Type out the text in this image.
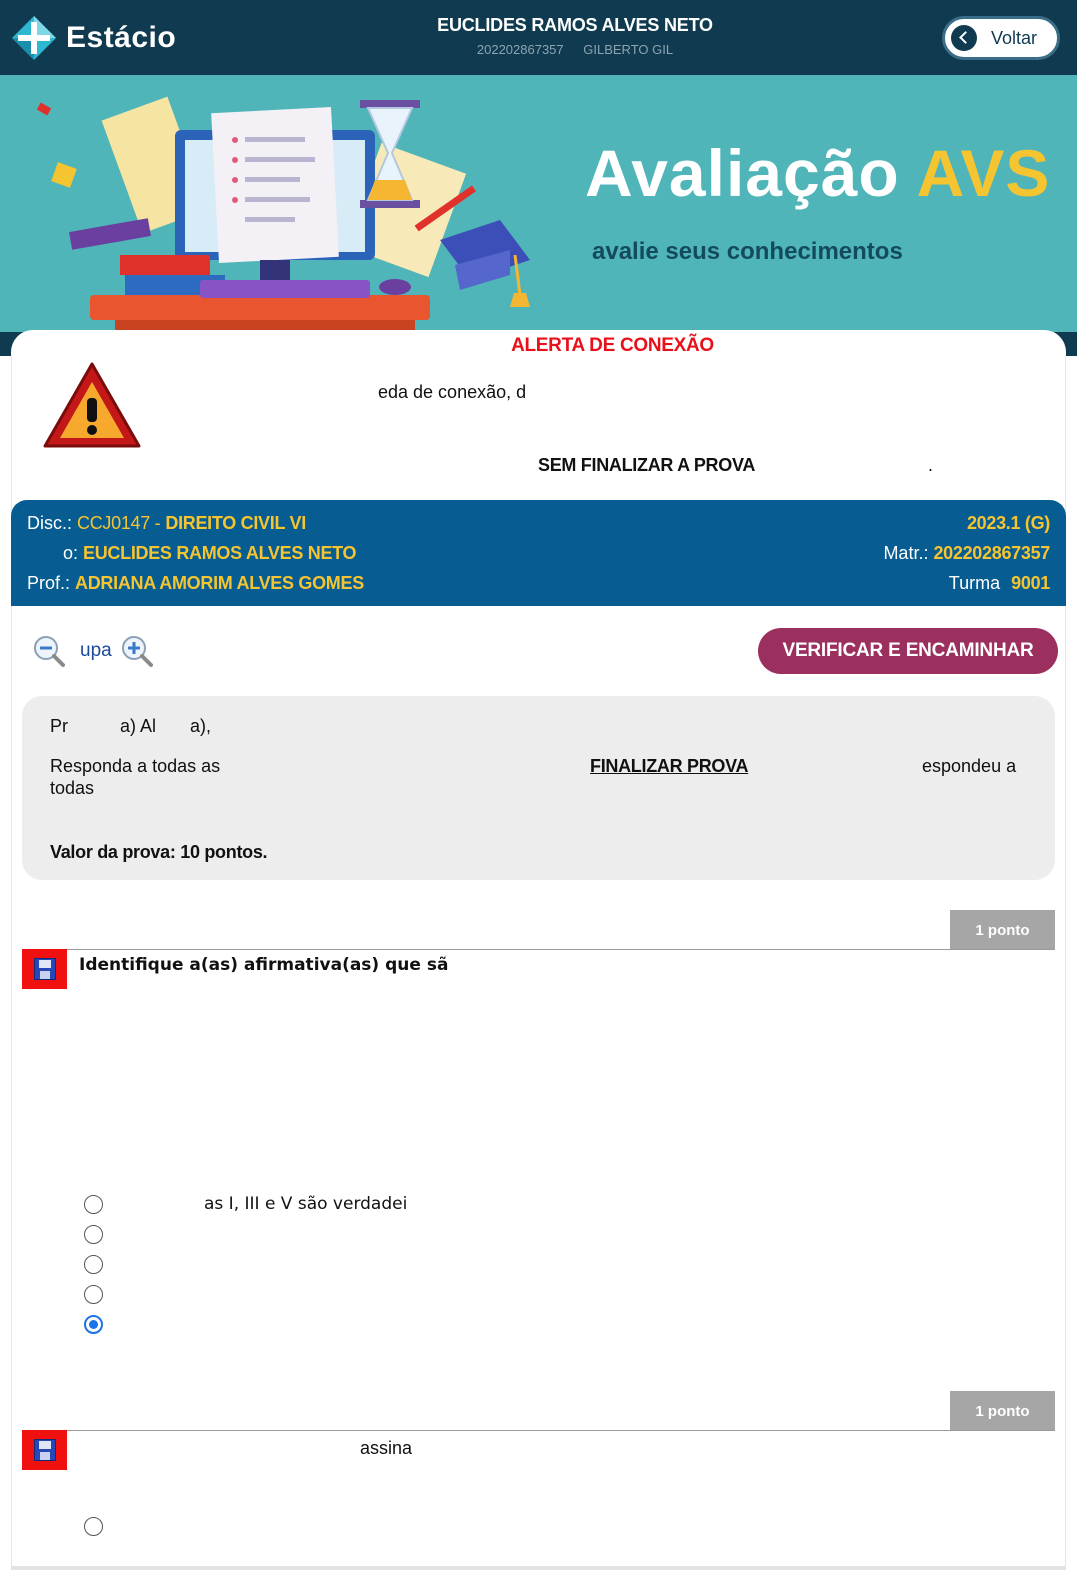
Estácio	EUCLIDES RAMOS ALVES NETO
202202867357 GILBERTO GIL
Voltar
Avaliação AVS
avalie seus conhecimentos
ALERTA DE CONEXÃO
eda de conexão, d
SEM FINALIZAR A PROVA	.
Disc.: CCJ0147 - DIREITO CIVIL VI	2023.1 (G)
o: EUCLIDES RAMOS ALVES NETO	Matr.: 202202867357
Prof.: ADRIANA AMORIM ALVES GOMES	Turma 9001
upa	VERIFICAR E ENCAMINHAR
Pr	a) Al a),
Responda a todas as	FINALIZAR PROVA	espondeu a
todas
Valor da prova: 10 pontos.
1 ponto
Identifique a(as) afirmativa(as) que sã
as I, III e V são verdadei
1 ponto
assina
